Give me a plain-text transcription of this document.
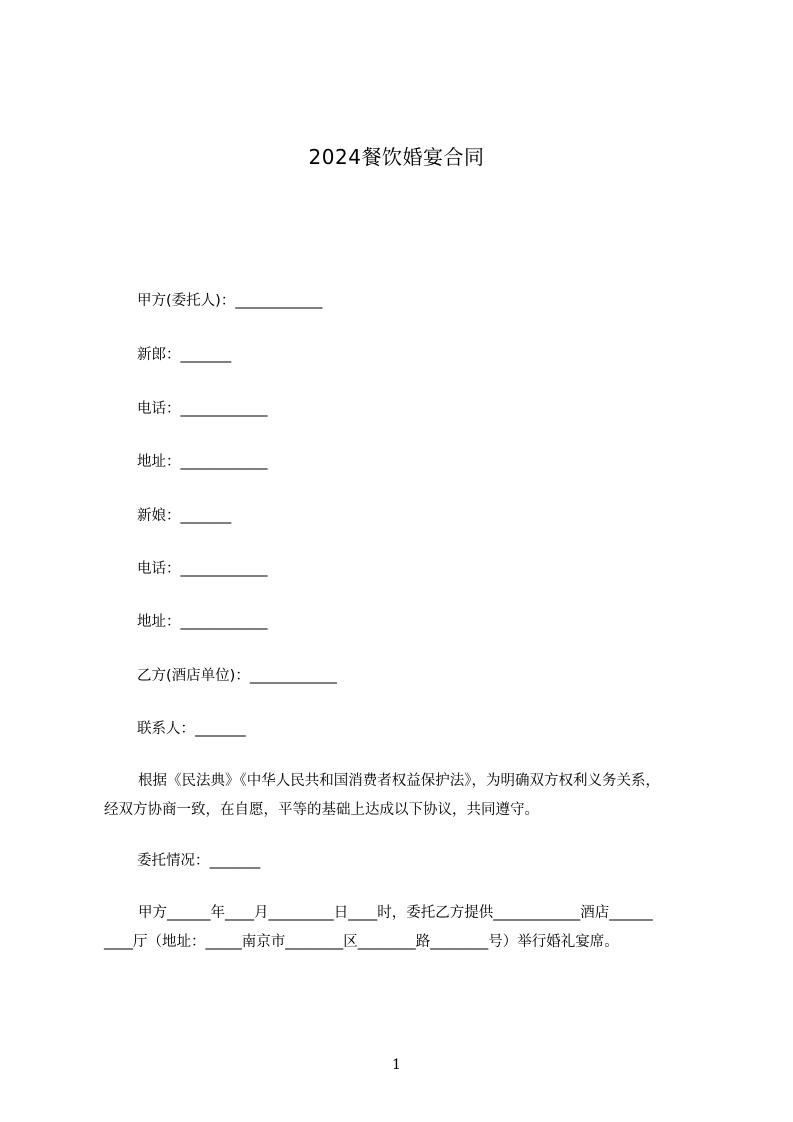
2024餐饮婚宴合同
甲方(委托人)：____________
新郎：_______
电话：____________
地址：____________
新娘：_______
电话：____________
地址：____________
乙方(酒店单位)：____________
联系人：_______
根据《民法典》《中华人民共和国消费者权益保护法》，为明确双方权利义务关系，
经双方协商一致，在自愿，平等的基础上达成以下协议，共同遵守。
委托情况：_______
甲方______年____月_________日____时，委托乙方提供____________酒店______
____厅（地址：_____南京市________区________路________号）举行婚礼宴席。
1
